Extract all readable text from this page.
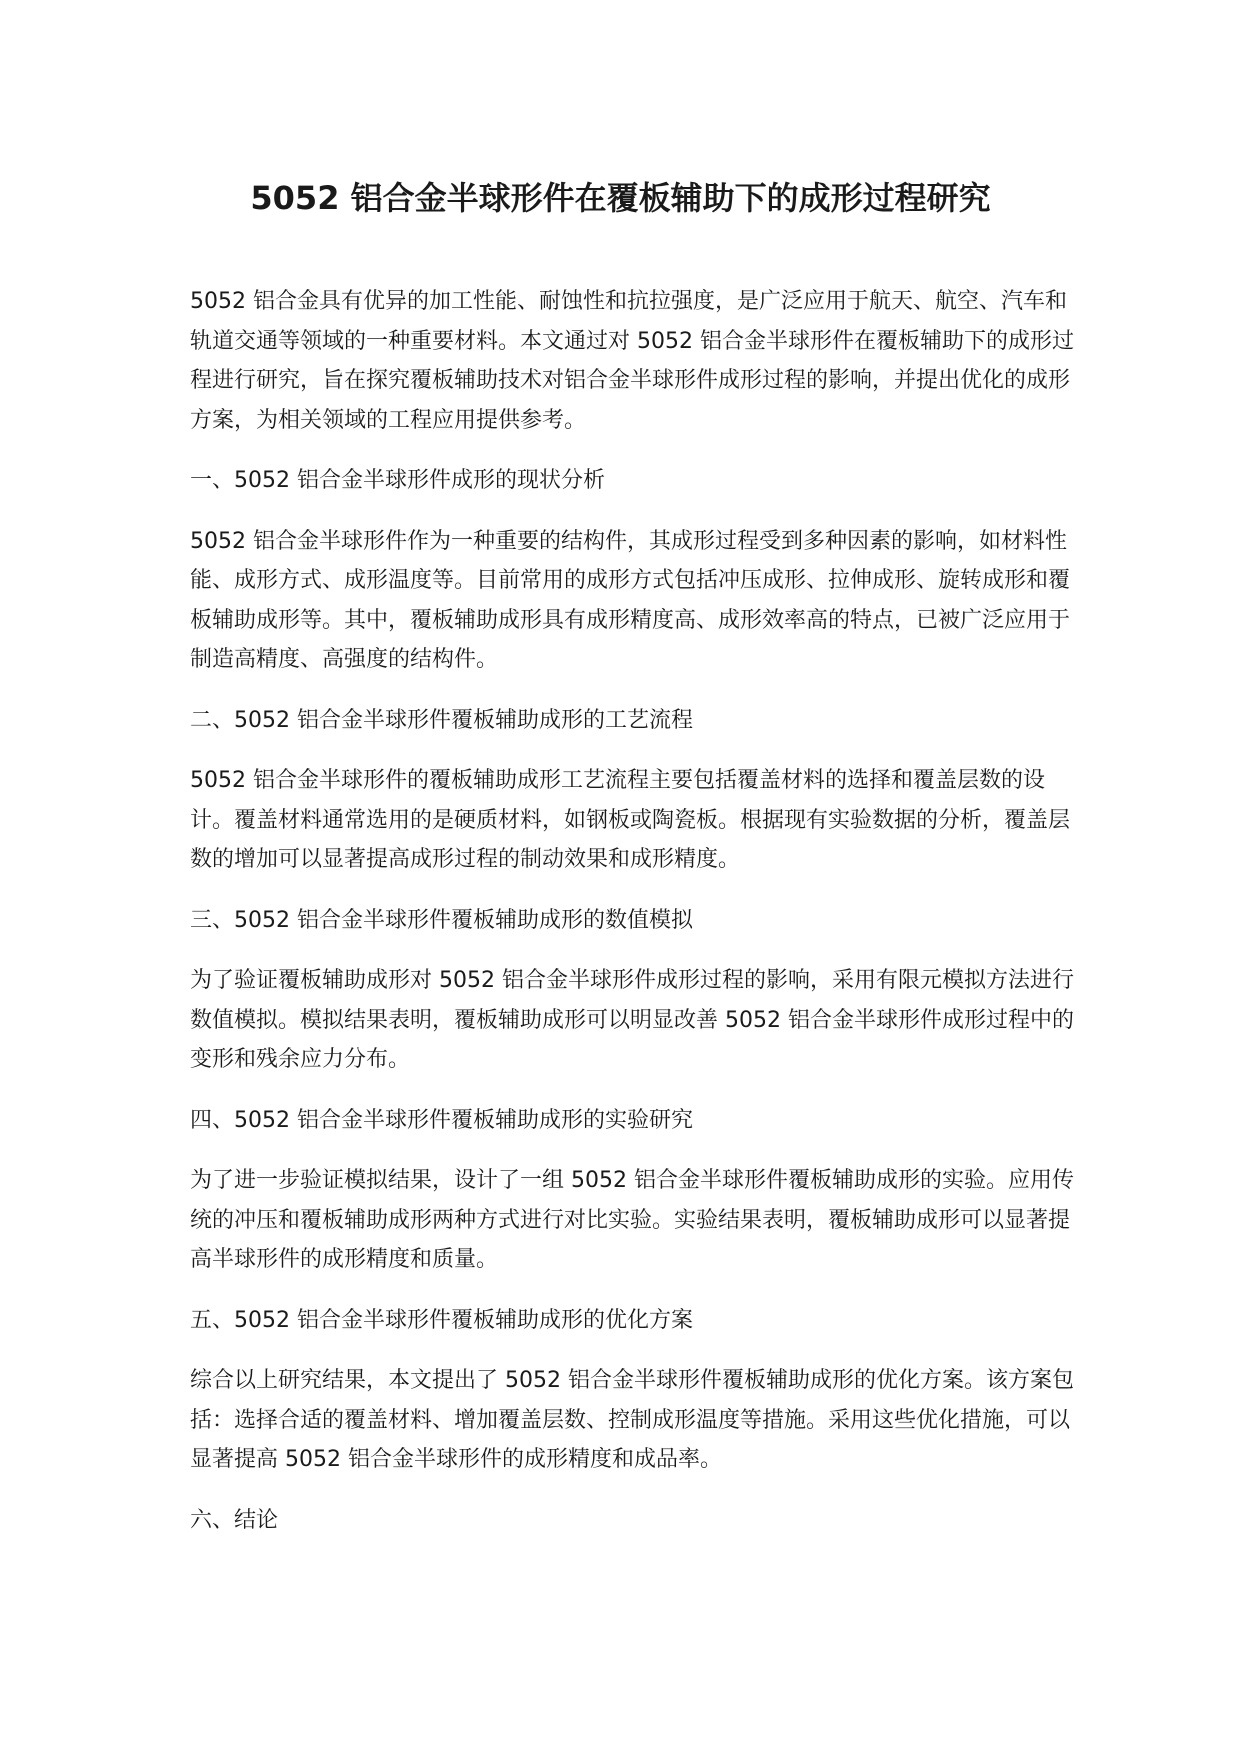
5052 铝合金半球形件在覆板辅助下的成形过程研究

5052 铝合金具有优异的加工性能、耐蚀性和抗拉强度，是广泛应用于航天、航空、汽车和轨道交通等领域的一种重要材料。本文通过对 5052 铝合金半球形件在覆板辅助下的成形过程进行研究，旨在探究覆板辅助技术对铝合金半球形件成形过程的影响，并提出优化的成形方案，为相关领域的工程应用提供参考。

一、5052 铝合金半球形件成形的现状分析

5052 铝合金半球形件作为一种重要的结构件，其成形过程受到多种因素的影响，如材料性能、成形方式、成形温度等。目前常用的成形方式包括冲压成形、拉伸成形、旋转成形和覆板辅助成形等。其中，覆板辅助成形具有成形精度高、成形效率高的特点，已被广泛应用于制造高精度、高强度的结构件。

二、5052 铝合金半球形件覆板辅助成形的工艺流程

5052 铝合金半球形件的覆板辅助成形工艺流程主要包括覆盖材料的选择和覆盖层数的设计。覆盖材料通常选用的是硬质材料，如钢板或陶瓷板。根据现有实验数据的分析，覆盖层数的增加可以显著提高成形过程的制动效果和成形精度。

三、5052 铝合金半球形件覆板辅助成形的数值模拟

为了验证覆板辅助成形对 5052 铝合金半球形件成形过程的影响，采用有限元模拟方法进行数值模拟。模拟结果表明，覆板辅助成形可以明显改善 5052 铝合金半球形件成形过程中的变形和残余应力分布。

四、5052 铝合金半球形件覆板辅助成形的实验研究

为了进一步验证模拟结果，设计了一组 5052 铝合金半球形件覆板辅助成形的实验。应用传统的冲压和覆板辅助成形两种方式进行对比实验。实验结果表明，覆板辅助成形可以显著提高半球形件的成形精度和质量。

五、5052 铝合金半球形件覆板辅助成形的优化方案

综合以上研究结果，本文提出了 5052 铝合金半球形件覆板辅助成形的优化方案。该方案包括：选择合适的覆盖材料、增加覆盖层数、控制成形温度等措施。采用这些优化措施，可以显著提高 5052 铝合金半球形件的成形精度和成品率。

六、结论
